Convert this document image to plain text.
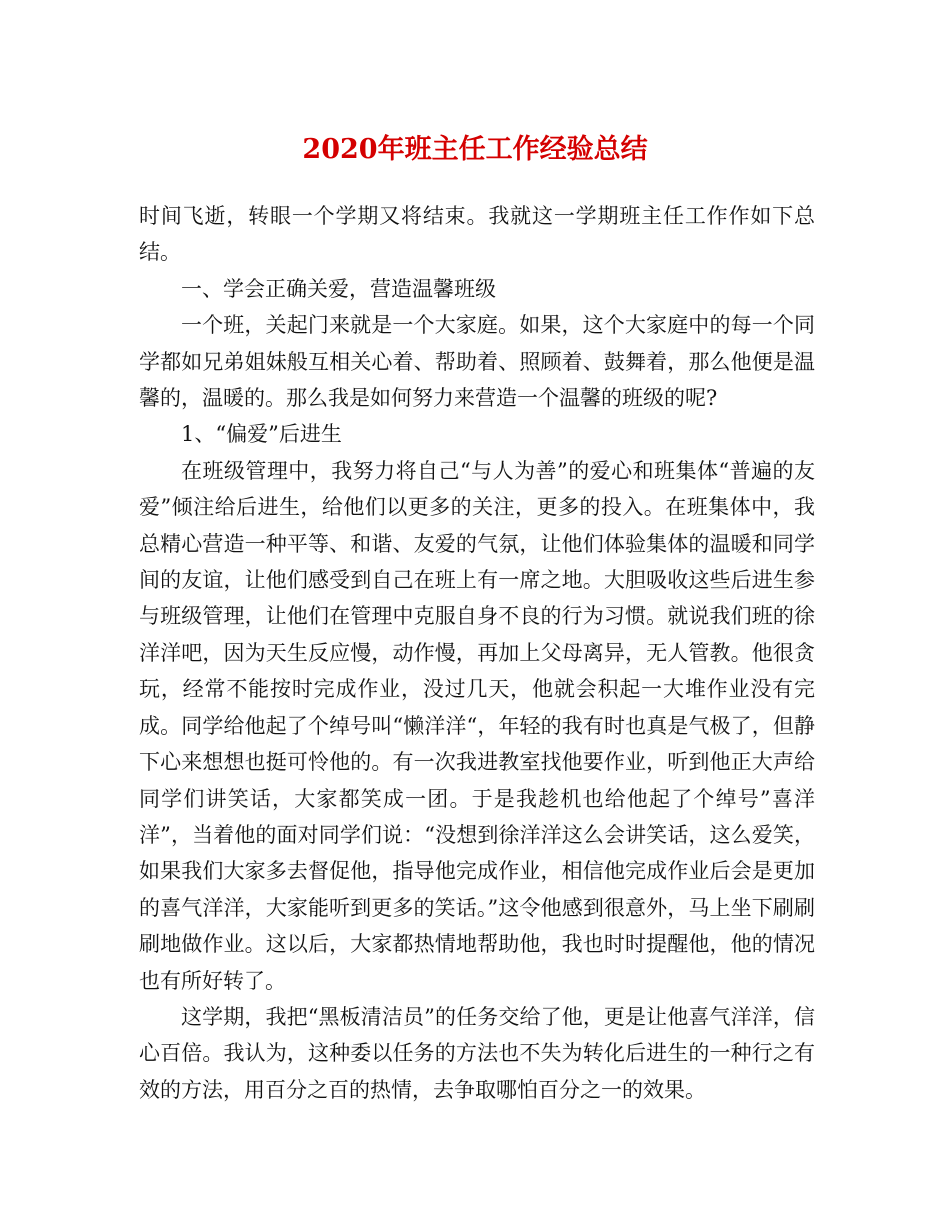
2020年班主任工作经验总结

时间飞逝，转眼一个学期又将结束。我就这一学期班主任工作作如下总结。

一、学会正确关爱，营造温馨班级

一个班，关起门来就是一个大家庭。如果，这个大家庭中的每一个同学都如兄弟姐妹般互相关心着、帮助着、照顾着、鼓舞着，那么他便是温馨的，温暖的。那么我是如何努力来营造一个温馨的班级的呢?

1、“偏爱”后进生

在班级管理中，我努力将自己“与人为善”的爱心和班集体“普遍的友爱”倾注给后进生，给他们以更多的关注，更多的投入。在班集体中，我总精心营造一种平等、和谐、友爱的气氛，让他们体验集体的温暖和同学间的友谊，让他们感受到自己在班上有一席之地。大胆吸收这些后进生参与班级管理，让他们在管理中克服自身不良的行为习惯。就说我们班的徐洋洋吧，因为天生反应慢，动作慢，再加上父母离异，无人管教。他很贪玩，经常不能按时完成作业，没过几天，他就会积起一大堆作业没有完成。同学给他起了个绰号叫“懒洋洋“，年轻的我有时也真是气极了，但静下心来想想也挺可怜他的。有一次我进教室找他要作业，听到他正大声给同学们讲笑话，大家都笑成一团。于是我趁机也给他起了个绰号”喜洋洋”，当着他的面对同学们说：“没想到徐洋洋这么会讲笑话，这么爱笑，如果我们大家多去督促他，指导他完成作业，相信他完成作业后会是更加的喜气洋洋，大家能听到更多的笑话。”这令他感到很意外，马上坐下刷刷刷地做作业。这以后，大家都热情地帮助他，我也时时提醒他，他的情况也有所好转了。

这学期，我把“黑板清洁员”的任务交给了他，更是让他喜气洋洋，信心百倍。我认为，这种委以任务的方法也不失为转化后进生的一种行之有效的方法，用百分之百的热情，去争取哪怕百分之一的效果。
